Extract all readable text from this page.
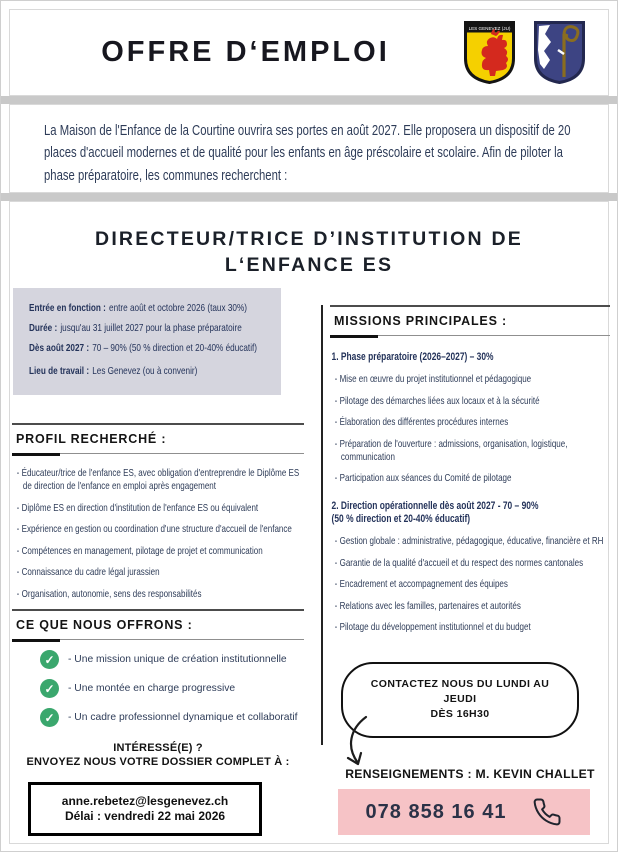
OFFRE D‘EMPLOI
LES GENEVEZ (JU)

La Maison de l'Enfance de la Courtine ouvrira ses portes en août 2027. Elle proposera un dispositif de 20 places d'accueil modernes et de qualité pour les enfants en âge préscolaire et scolaire. Afin de piloter la phase préparatoire, les communes recherchent :

DIRECTEUR/TRICE D’INSTITUTION DE L‘ENFANCE ES
Entrée en fonction : entre août et octobre 2026 (taux 30%)
Durée : jusqu'au 31 juillet 2027 pour la phase préparatoire
Dès août 2027 : 70 – 90% (50 % direction et 20-40% éducatif)
Lieu de travail : Les Genevez (ou à convenir)
PROFIL RECHERCHÉ :

- Éducateur/trice de l'enfance ES, avec obligation d'entreprendre le Diplôme ES de direction de l'enfance en emploi après engagement

- Diplôme ES en direction d'institution de l'enfance ES ou équivalent

- Expérience en gestion ou coordination d'une structure d'accueil de l'enfance

- Compétences en management, pilotage de projet et communication

- Connaissance du cadre légal jurassien

- Organisation, autonomie, sens des responsabilités

CE QUE NOUS OFFRONS :
✓
- Une mission unique de création institutionnelle
✓
- Une montée en charge progressive
✓
- Un cadre professionnel dynamique et collaboratif
INTÉRESSÉ(E) ?
ENVOYEZ NOUS VOTRE DOSSIER COMPLET À :
anne.rebetez@lesgenevez.ch
Délai : vendredi 22 mai 2026
MISSIONS PRINCIPALES :
1. Phase préparatoire (2026–2027) – 30%

- Mise en œuvre du projet institutionnel et pédagogique

- Pilotage des démarches liées aux locaux et à la sécurité

- Élaboration des différentes procédures internes

- Préparation de l'ouverture : admissions, organisation, logistique, communication

- Participation aux séances du Comité de pilotage

2. Direction opérationnelle dès août 2027 - 70 – 90%
(50 % direction et 20-40% éducatif)

- Gestion globale : administrative, pédagogique, éducative, financière et RH

- Garantie de la qualité d'accueil et du respect des normes cantonales

- Encadrement et accompagnement des équipes

- Relations avec les familles, partenaires et autorités

- Pilotage du développement institutionnel et du budget

CONTACTEZ NOUS DU LUNDI AU JEUDI
DÈS 16H30
RENSEIGNEMENTS : M. KEVIN CHALLET
078 858 16 41
